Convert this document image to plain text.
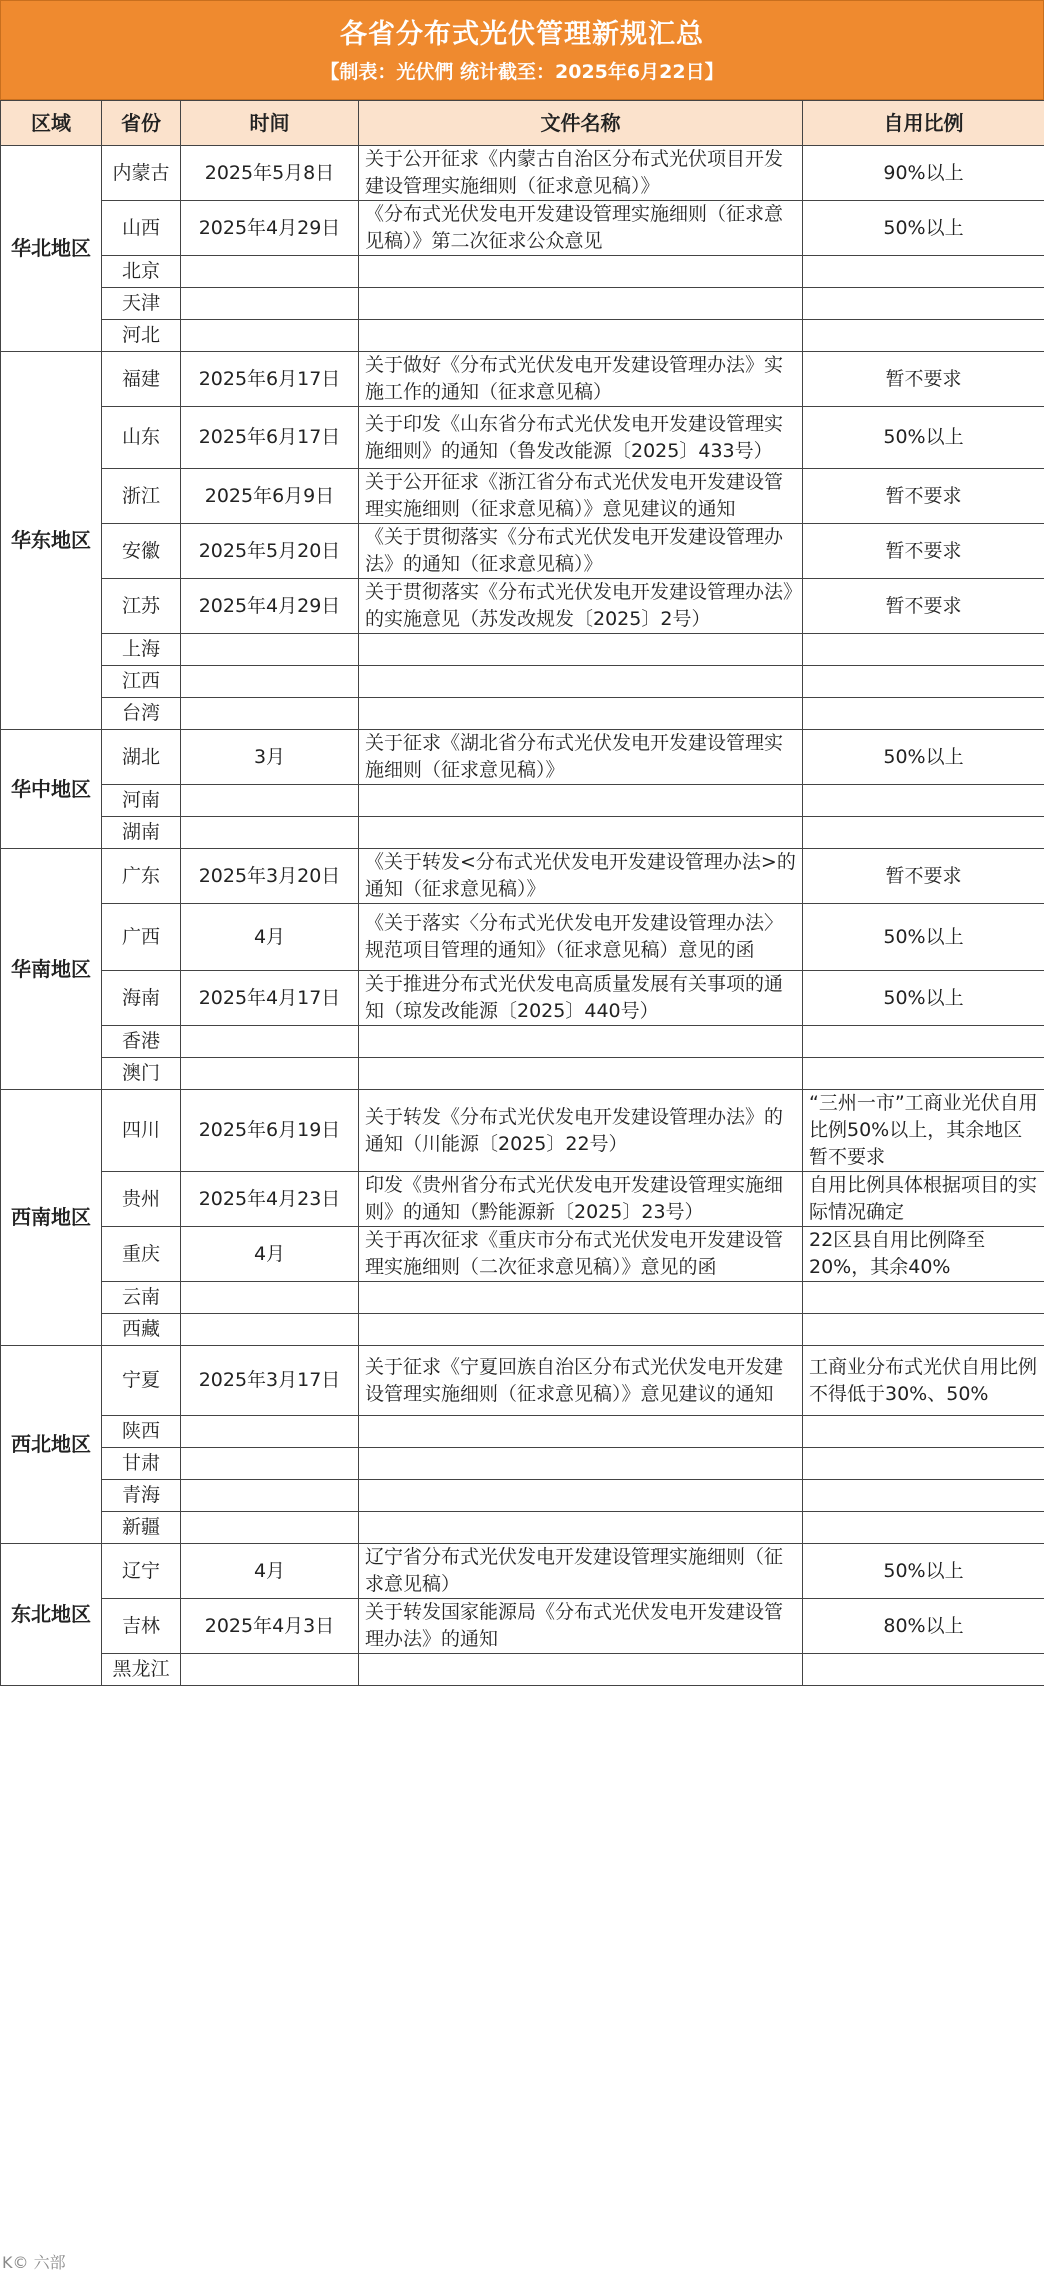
各省分布式光伏管理新规汇总
【制表：光伏們 统计截至：2025年6月22日】
区域	省份	时间	文件名称	自用比例
华北地区	内蒙古	2025年5月8日	关于公开征求《内蒙古自治区分布式光伏项目开发建设管理实施细则（征求意见稿）》	90%以上
	山西	2025年4月29日	《分布式光伏发电开发建设管理实施细则（征求意见稿）》第二次征求公众意见	50%以上
	北京			
	天津			
	河北			
华东地区	福建	2025年6月17日	关于做好《分布式光伏发电开发建设管理办法》实施工作的通知（征求意见稿）	暂不要求
	山东	2025年6月17日	关于印发《山东省分布式光伏发电开发建设管理实施细则》的通知（鲁发改能源〔2025〕433号）	50%以上
	浙江	2025年6月9日	关于公开征求《浙江省分布式光伏发电开发建设管理实施细则（征求意见稿）》意见建议的通知	暂不要求
	安徽	2025年5月20日	《关于贯彻落实《分布式光伏发电开发建设管理办法》的通知（征求意见稿）》	暂不要求
	江苏	2025年4月29日	关于贯彻落实《分布式光伏发电开发建设管理办法》的实施意见（苏发改规发〔2025〕2号）	暂不要求
	上海			
	江西			
	台湾			
华中地区	湖北	3月	关于征求《湖北省分布式光伏发电开发建设管理实施细则（征求意见稿）》	50%以上
	河南			
	湖南			
华南地区	广东	2025年3月20日	《关于转发<分布式光伏发电开发建设管理办法>的通知（征求意见稿）》	暂不要求
	广西	4月	《关于落实〈分布式光伏发电开发建设管理办法〉规范项目管理的通知》（征求意见稿）意见的函	50%以上
	海南	2025年4月17日	关于推进分布式光伏发电高质量发展有关事项的通知（琼发改能源〔2025〕440号）	50%以上
	香港			
	澳门			
西南地区	四川	2025年6月19日	关于转发《分布式光伏发电开发建设管理办法》的通知（川能源〔2025〕22号）	“三州一市”工商业光伏自用比例50%以上，其余地区暂不要求
	贵州	2025年4月23日	印发《贵州省分布式光伏发电开发建设管理实施细则》的通知（黔能源新〔2025〕23号）	自用比例具体根据项目的实际情况确定
	重庆	4月	关于再次征求《重庆市分布式光伏发电开发建设管理实施细则（二次征求意见稿）》意见的函	22区县自用比例降至20%，其余40%
	云南			
	西藏			
西北地区	宁夏	2025年3月17日	关于征求《宁夏回族自治区分布式光伏发电开发建设管理实施细则（征求意见稿）》意见建议的通知	工商业分布式光伏自用比例不得低于30%、50%
	陕西			
	甘肃			
	青海			
	新疆			
东北地区	辽宁	4月	辽宁省分布式光伏发电开发建设管理实施细则（征求意见稿）	50%以上
	吉林	2025年4月3日	关于转发国家能源局《分布式光伏发电开发建设管理办法》的通知	80%以上
	黑龙江			
K© 六部
